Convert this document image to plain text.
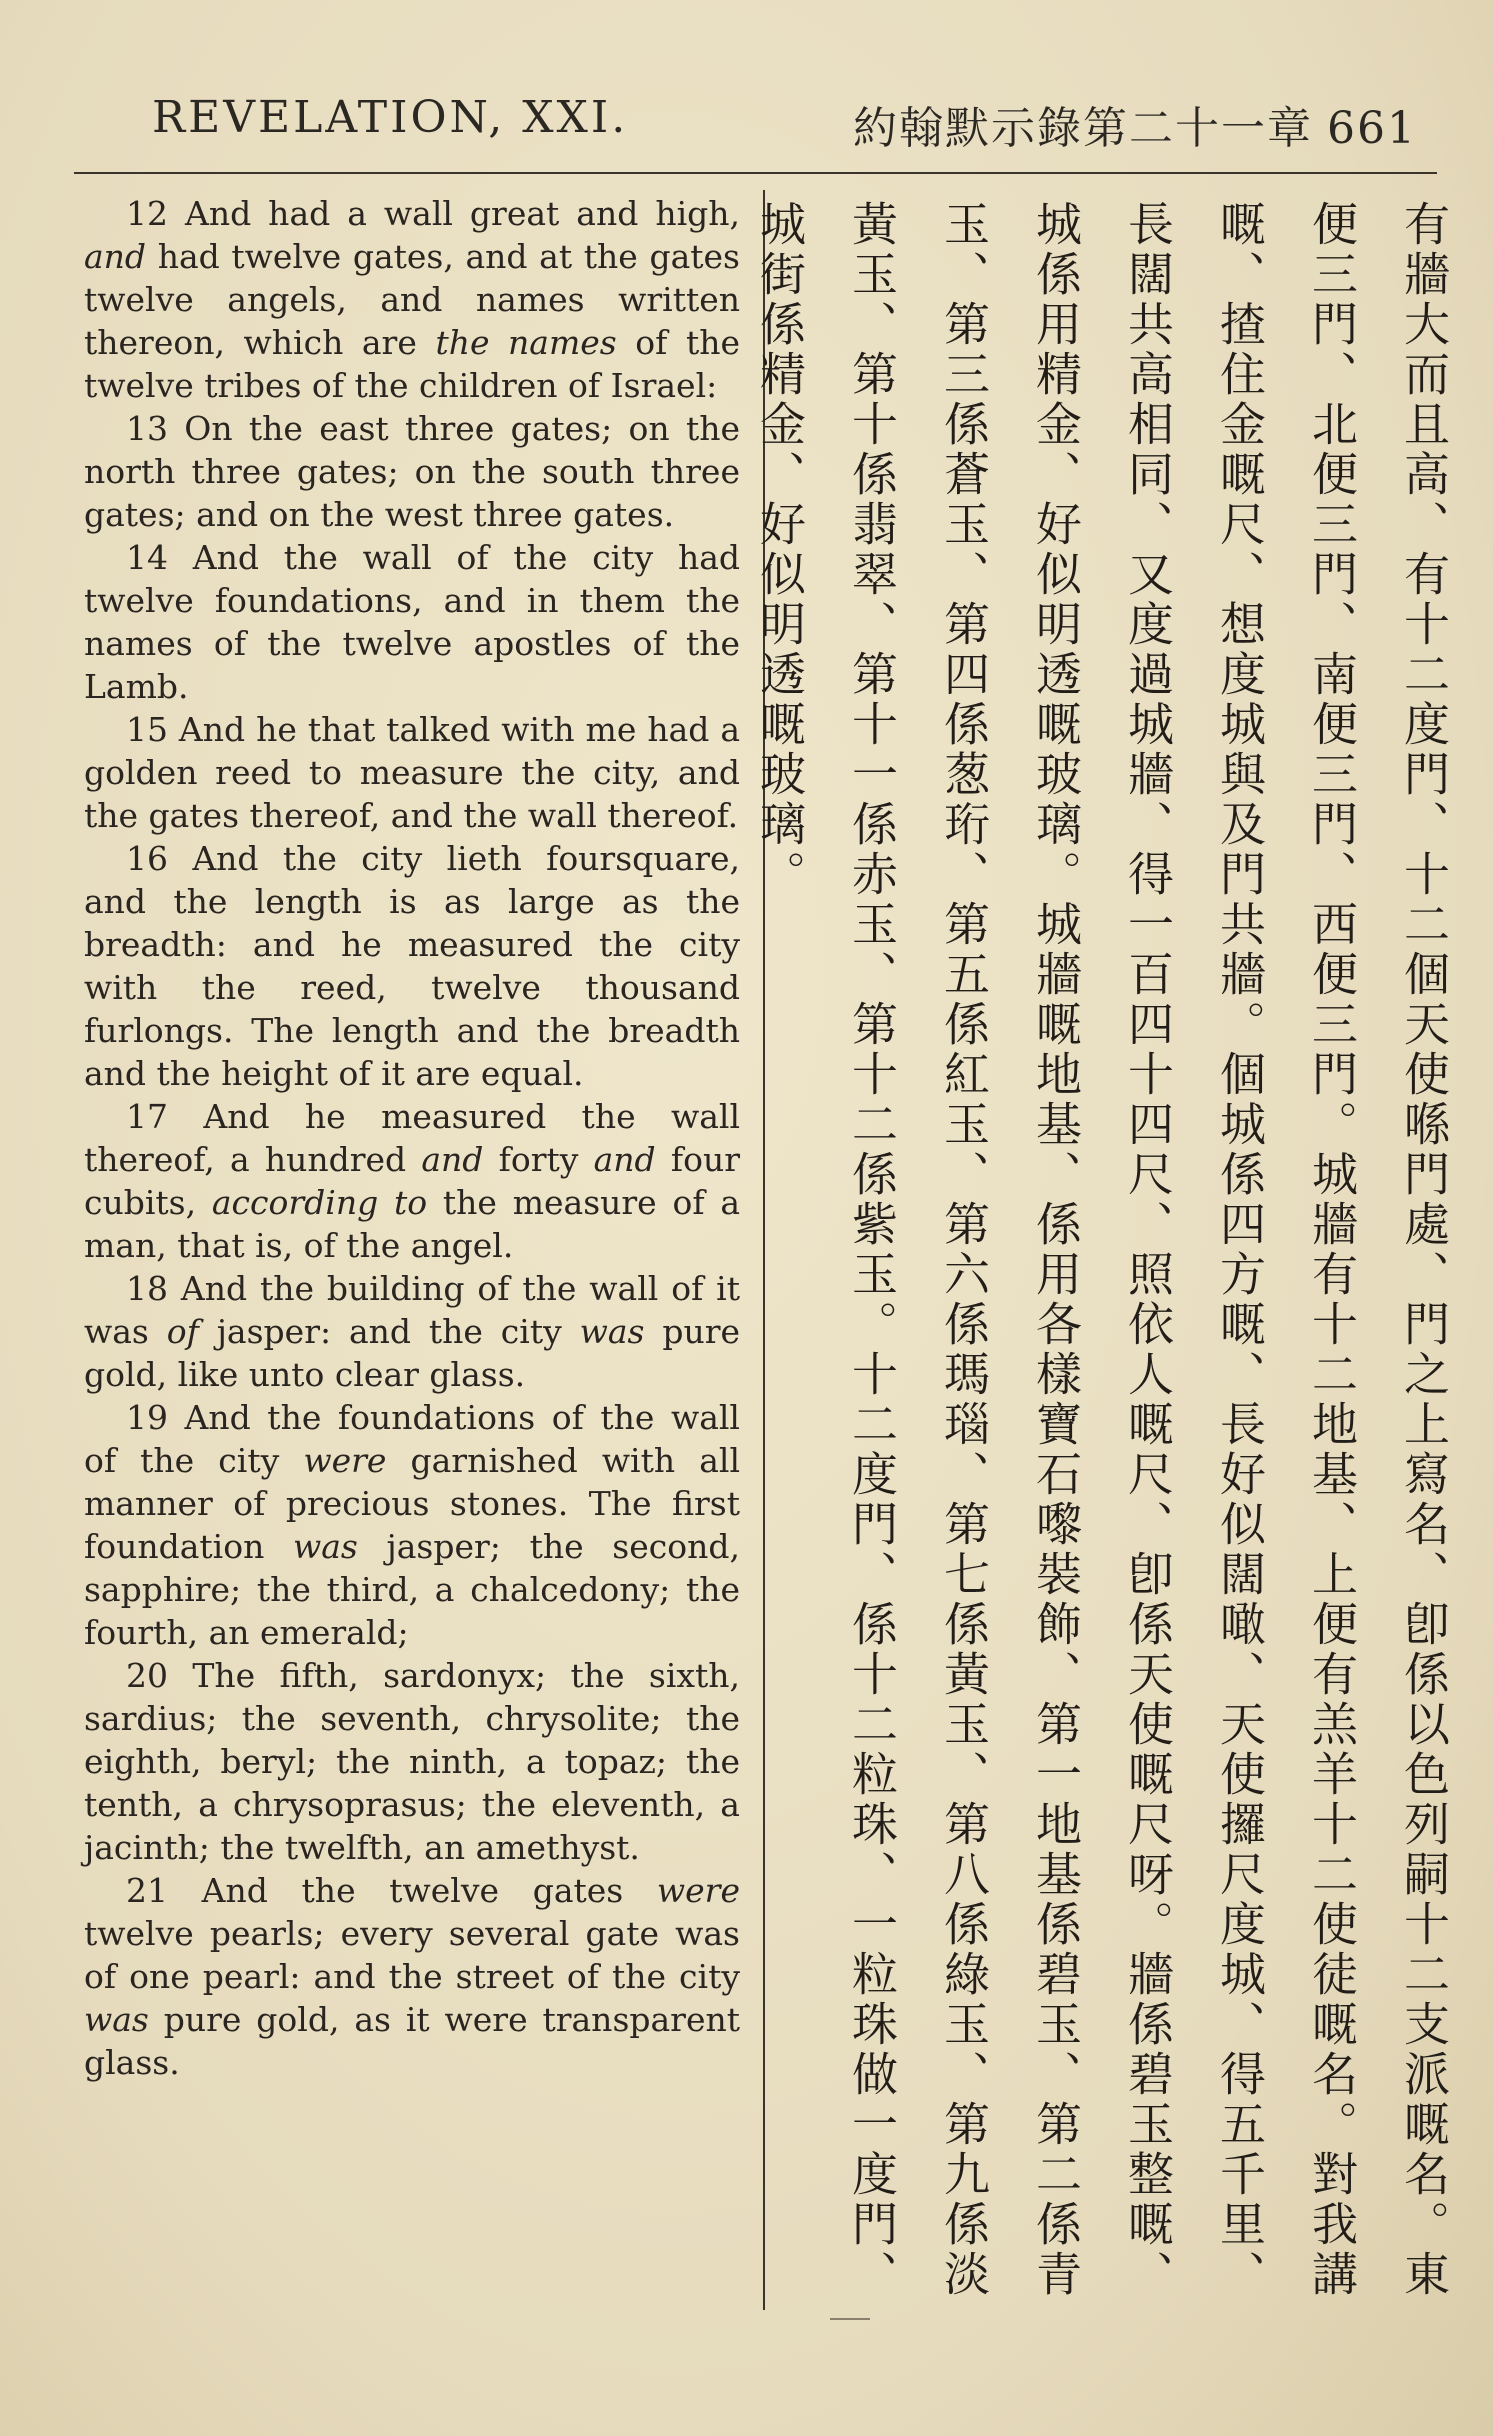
REVELATION, XXI.	約翰默示錄第二十一章 661

12 And had a wall great and high, and had twelve gates, and at the gates twelve angels, and names written thereon, which are the names of the twelve tribes of the children of Israel:

13 On the east three gates; on the north three gates; on the south three gates; and on the west three gates.

14 And the wall of the city had twelve foundations, and in them the names of the twelve apostles of the Lamb.

15 And he that talked with me had a golden reed to measure the city, and the gates thereof, and the wall thereof.

16 And the city lieth foursquare, and the length is as large as the breadth: and he measured the city with the reed, twelve thousand furlongs. The length and the breadth and the height of it are equal.

17 And he measured the wall thereof, a hundred and forty and four cubits, according to the measure of a man, that is, of the angel.

18 And the building of the wall of it was of jasper: and the city was pure gold, like unto clear glass.

19 And the foundations of the wall of the city were garnished with all manner of precious stones. The first foundation was jasper; the second, sapphire; the third, a chalcedony; the fourth, an emerald;

20 The fifth, sardonyx; the sixth, sardius; the seventh, chrysolite; the eighth, beryl; the ninth, a topaz; the tenth, a chrysoprasus; the eleventh, a jacinth; the twelfth, an amethyst.

21 And the twelve gates were twelve pearls; every several gate was of one pearl: and the street of the city was pure gold, as it were transparent glass.	有牆大而且高、有十二度門、十二個天使喺門處、門之上寫名、卽係以色列嗣十二支派嘅名。東便三門、北便三門、南便三門、西便三門。城牆有十二地基、上便有羔羊十二使徒嘅名。對我講嘅、揸住金嘅尺、想度城與及門共牆。個城係四方嘅、長好似闊噉、天使攞尺度城、得五千里、長闊共高相同、又度過城牆、得一百四十四尺、照依人嘅尺、卽係天使嘅尺呀。牆係碧玉整嘅、城係用精金、好似明透嘅玻璃。城牆嘅地基、係用各樣寶石嚟裝飾、第一地基係碧玉、第二係青玉、第三係蒼玉、第四係葱珩、第五係紅玉、第六係瑪瑙、第七係黃玉、第八係綠玉、第九係淡黃玉、第十係翡翠、第十一係赤玉、第十二係紫玉。十二度門、係十二粒珠、一粒珠做一度門、城街係精金、好似明透嘅玻璃。
